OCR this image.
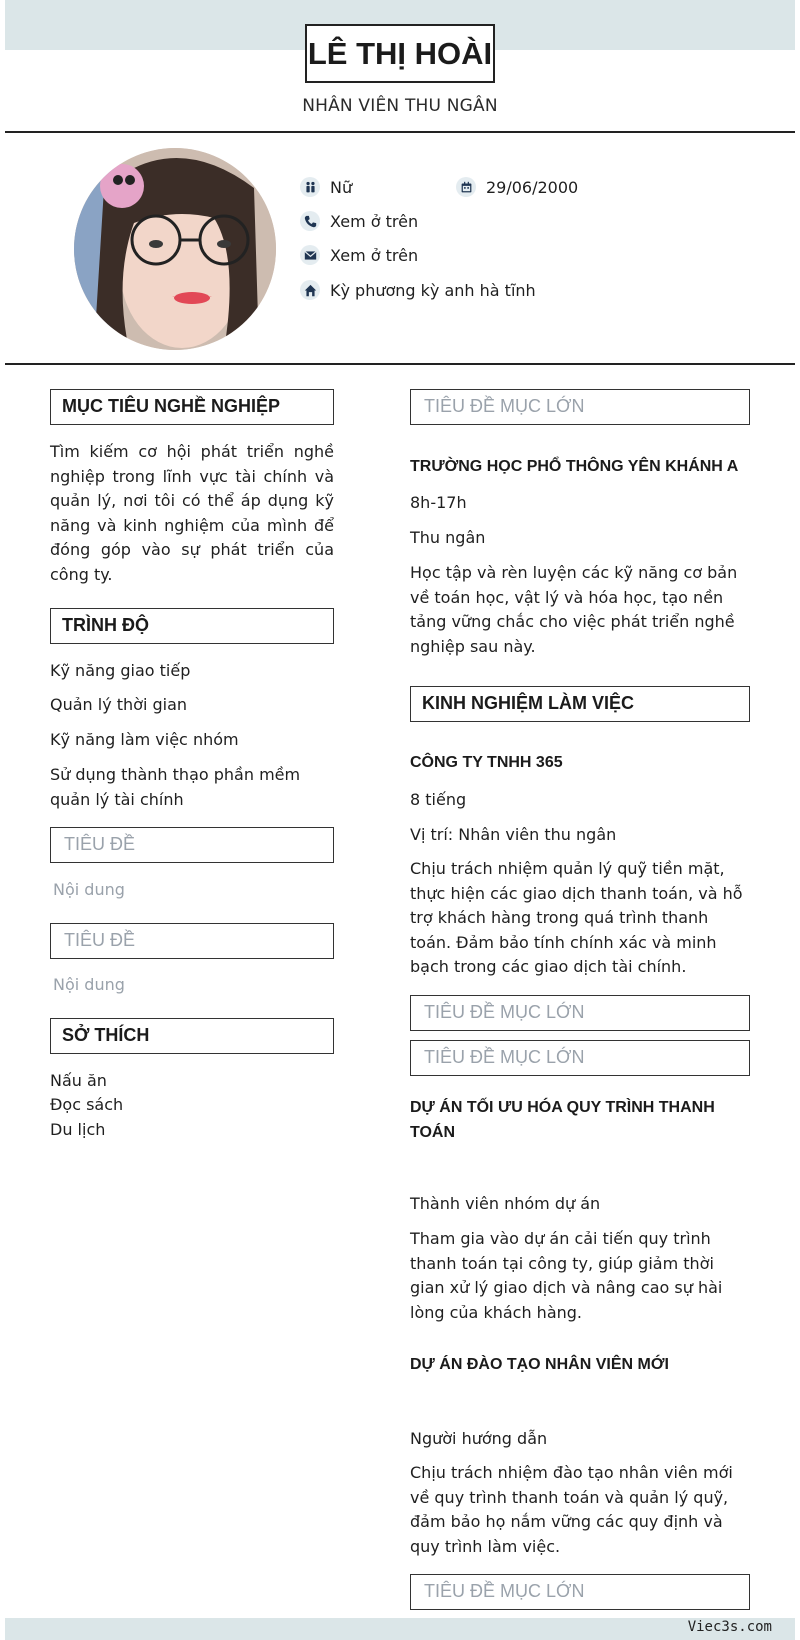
LÊ THỊ HOÀI
NHÂN VIÊN THU NGÂN
Nữ	29/06/2000
Xem ở trên
Xem ở trên
Kỳ phương kỳ anh hà tĩnh
MỤC TIÊU NGHỀ NGHIỆP
Tìm kiếm cơ hội phát triển nghề nghiệp trong lĩnh vực tài chính và quản lý, nơi tôi có thể áp dụng kỹ năng và kinh nghiệm của mình để đóng góp vào sự phát triển của công ty.
TRÌNH ĐỘ
Kỹ năng giao tiếp
Quản lý thời gian
Kỹ năng làm việc nhóm
Sử dụng thành thạo phần mềm quản lý tài chính
TIÊU ĐỀ
Nội dung
TIÊU ĐỀ
Nội dung
SỞ THÍCH
Nấu ăn
Đọc sách
Du lịch
TIÊU ĐỀ MỤC LỚN
TRƯỜNG HỌC PHỔ THÔNG YÊN KHÁNH A
8h-17h
Thu ngân
Học tập và rèn luyện các kỹ năng cơ bản về toán học, vật lý và hóa học, tạo nền tảng vững chắc cho việc phát triển nghề nghiệp sau này.
KINH NGHIỆM LÀM VIỆC
CÔNG TY TNHH 365
8 tiếng
Vị trí: Nhân viên thu ngân
Chịu trách nhiệm quản lý quỹ tiền mặt, thực hiện các giao dịch thanh toán, và hỗ trợ khách hàng trong quá trình thanh toán. Đảm bảo tính chính xác và minh bạch trong các giao dịch tài chính.
TIÊU ĐỀ MỤC LỚN
TIÊU ĐỀ MỤC LỚN
DỰ ÁN TỐI ƯU HÓA QUY TRÌNH THANH TOÁN
Thành viên nhóm dự án
Tham gia vào dự án cải tiến quy trình thanh toán tại công ty, giúp giảm thời gian xử lý giao dịch và nâng cao sự hài lòng của khách hàng.
DỰ ÁN ĐÀO TẠO NHÂN VIÊN MỚI
Người hướng dẫn
Chịu trách nhiệm đào tạo nhân viên mới về quy trình thanh toán và quản lý quỹ, đảm bảo họ nắm vững các quy định và quy trình làm việc.
TIÊU ĐỀ MỤC LỚN
Viec3s.com
